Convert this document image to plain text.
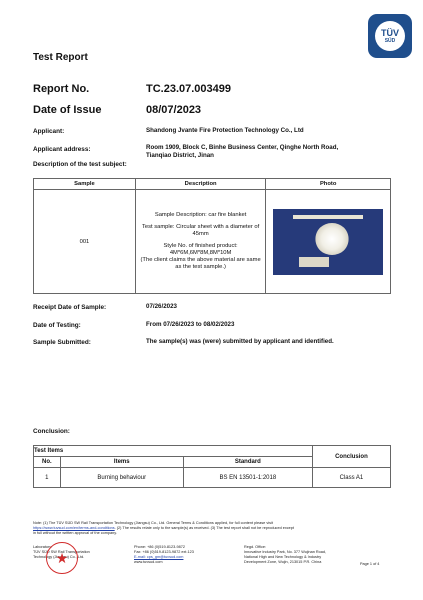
TÜV
SÜD
Test Report
Report No.	TC.23.07.003499
Date of Issue	08/07/2023
Applicant:	Shandong Jvante Fire Protection Technology Co., Ltd
Applicant address:	Room 1909, Block C, Binhe Business Center, Qinghe North Road,
Tianqiao District, Jinan
Description of the test subject:
Sample	Description	Photo
001	Sample Description: car fire blanket
Test sample: Circular sheet with a diameter of 45mm
Style No. of finished product: 4M*6M,6M*8M,8M*10M
(The client claims the above material are same as the test sample.)	

Receipt Date of Sample:	07/26/2023
Date of Testing:	From 07/26/2023 to 08/02/2023
Sample Submitted:	The sample(s) was (were) submitted by applicant and identified.
Conclusion:
Test Items			Conclusion
No.	Items	Standard	
1	Burning behaviour	BS EN 13501-1:2018	Class A1
Note: (1) The TÜV SÜD SW Rail Transportation Technology (Jiangsu) Co., Ltd. General Terms & Conditions applied, for full content please visit
https://www.tuvsud.com/en/terms-and-conditions. (2) The results relate only to the sample(s) as received. (3) The test report shall not be reproduced except
in full without the written approval of the company.
Laboratory:
TÜV SÜD SW Rail Transportation
Technology (Jiangsu) Co., Ltd.
★
Phone: +86 (0)519-8123-9872
Fax: +86 (0)519-8123-9872 ext.123
E-mail: cps_gm@tuvsud.com
www.tuvsud.com
Regd. Office:
Innovative Industry Park, No. 377 Wujinan Road,
National High and New Technology & Industry
Development Zone, Wujin, 213015 P.R. China	Page 1 of 4
